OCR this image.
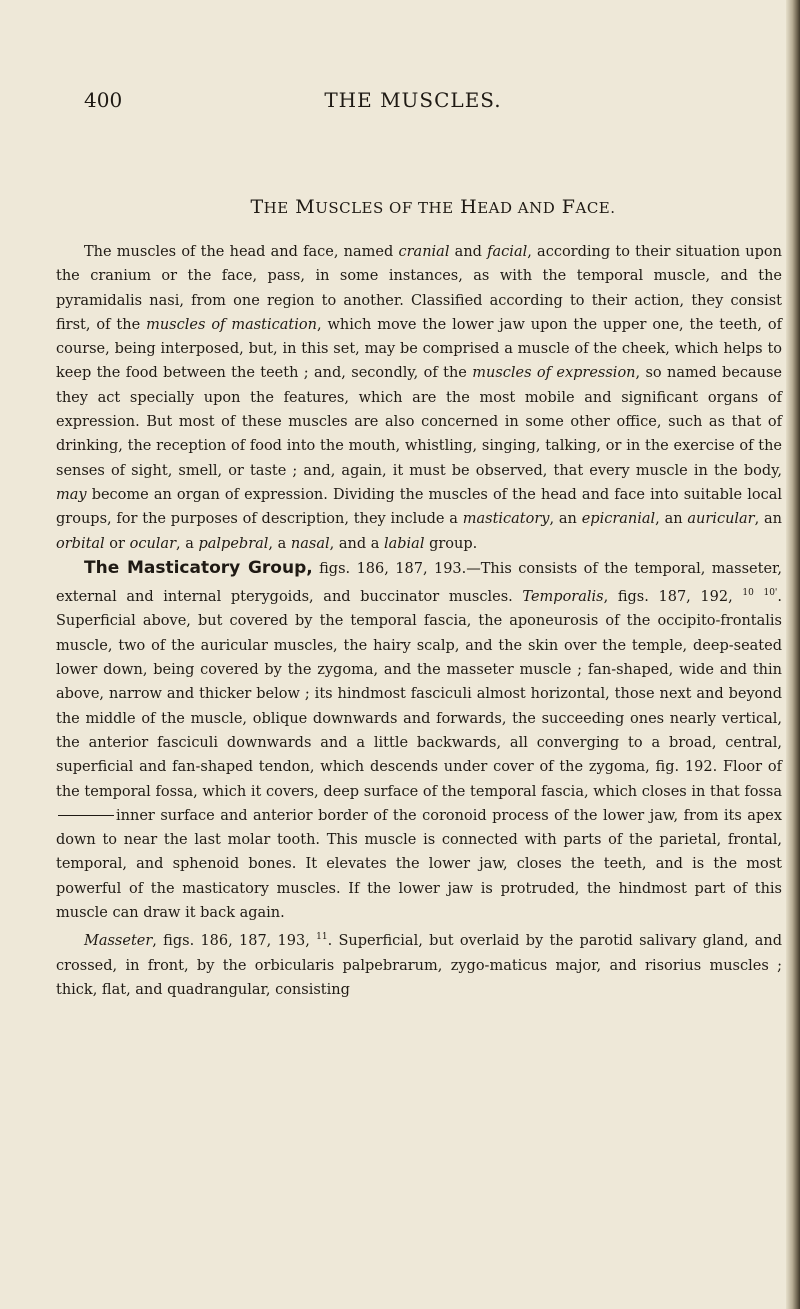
400	THE MUSCLES.
THE MUSCLES OF THE HEAD AND FACE.

The muscles of the head and face, named cranial and facial, according to their situation upon the cranium or the face, pass, in some instances, as with the temporal muscle, and the pyramidalis nasi, from one region to another. Classified according to their action, they consist first, of the muscles of mastication, which move the lower jaw upon the upper one, the teeth, of course, being interposed, but, in this set, may be comprised a muscle of the cheek, which helps to keep the food between the teeth ; and, secondly, of the muscles of expression, so named because they act specially upon the features, which are the most mobile and significant organs of expression. But most of these muscles are also concerned in some other office, such as that of drinking, the reception of food into the mouth, whistling, singing, talking, or in the exercise of the senses of sight, smell, or taste ; and, again, it must be observed, that every muscle in the body, may become an organ of expression. Dividing the muscles of the head and face into suitable local groups, for the purposes of description, they include a masticatory, an epicranial, an auricular, an orbital or ocular, a palpebral, a nasal, and a labial group.

The Masticatory Group, figs. 186, 187, 193.—This consists of the temporal, masseter, external and internal pterygoids, and buccinator muscles. Temporalis, figs. 187, 192, $^{10}$ $^{10'}$. Superficial above, but covered by the temporal fascia, the aponeurosis of the occipito-frontalis muscle, two of the auricular muscles, the hairy scalp, and the skin over the temple, deep-seated lower down, being covered by the zygoma, and the masseter muscle ; fan-shaped, wide and thin above, narrow and thicker below ; its hindmost fasciculi almost horizontal, those next and beyond the middle of the muscle, oblique downwards and forwards, the succeeding ones nearly vertical, the anterior fasciculi downwards and a little backwards, all converging to a broad, central, superficial and fan-shaped tendon, which descends under cover of the zygoma, fig. 192. Floor of the temporal fossa, which it covers, deep surface of the temporal fascia, which closes in that fossainner surface and anterior border of the coronoid process of the lower jaw, from its apex down to near the last molar tooth. This muscle is connected with parts of the parietal, frontal, temporal, and sphenoid bones. It elevates the lower jaw, closes the teeth, and is the most powerful of the masticatory muscles. If the lower jaw is protruded, the hindmost part of this muscle can draw it back again.

Masseter, figs. 186, 187, 193, $^{11}$. Superficial, but overlaid by the parotid salivary gland, and crossed, in front, by the orbicularis palpebrarum, zygo-maticus major, and risorius muscles ; thick, flat, and quadrangular, consisting
